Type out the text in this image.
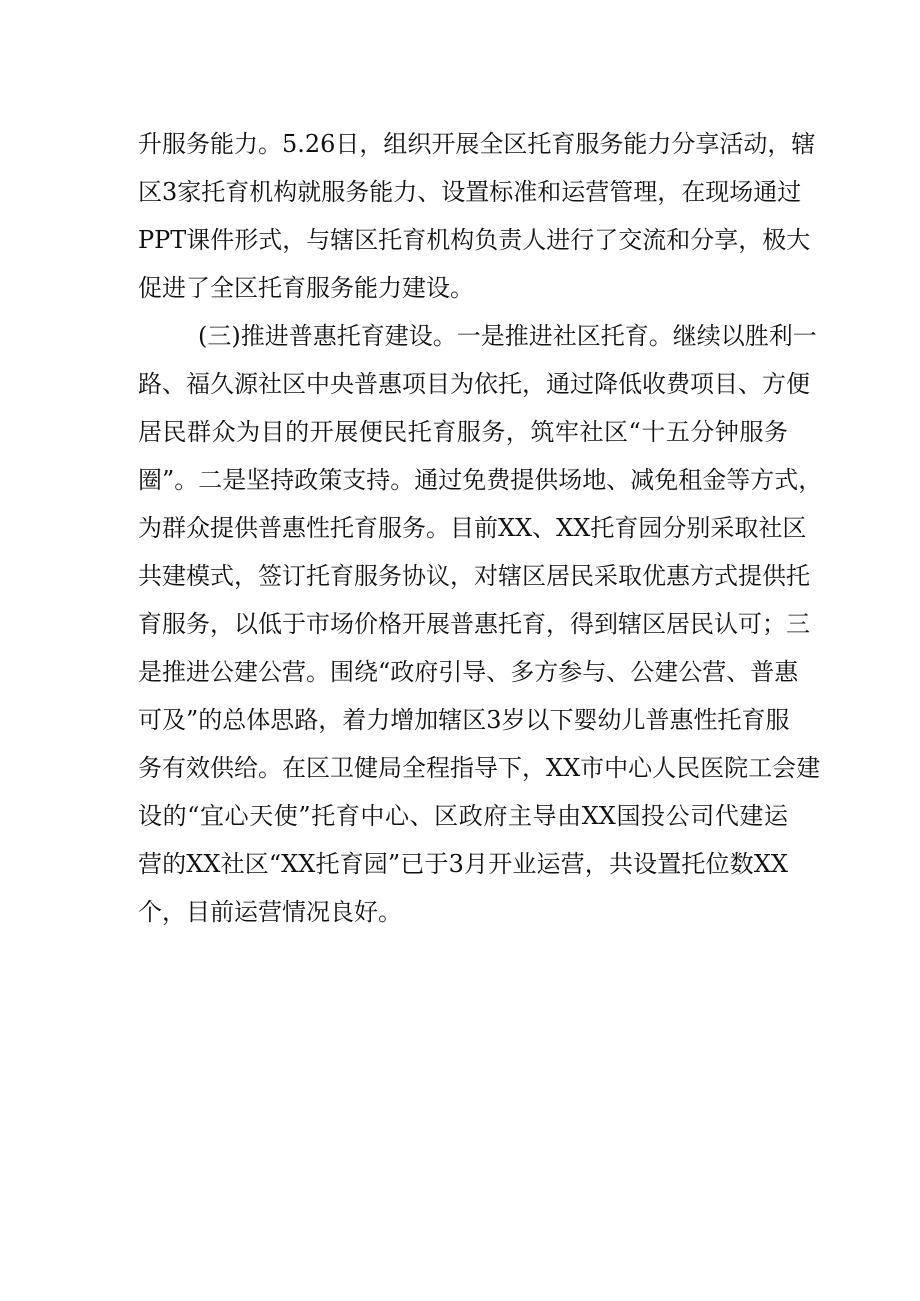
升服务能力。5.26日，组织开展全区托育服务能力分享活动，辖
区3家托育机构就服务能力、设置标准和运营管理，在现场通过
PPT课件形式，与辖区托育机构负责人进行了交流和分享，极大
促进了全区托育服务能力建设。
(三)推进普惠托育建设。一是推进社区托育。继续以胜利一
路、福久源社区中央普惠项目为依托，通过降低收费项目、方便
居民群众为目的开展便民托育服务，筑牢社区“十五分钟服务
圈”。二是坚持政策支持。通过免费提供场地、减免租金等方式，
为群众提供普惠性托育服务。目前XX、XX托育园分别采取社区
共建模式，签订托育服务协议，对辖区居民采取优惠方式提供托
育服务，以低于市场价格开展普惠托育，得到辖区居民认可；三
是推进公建公营。围绕“政府引导、多方参与、公建公营、普惠
可及”的总体思路，着力增加辖区3岁以下婴幼儿普惠性托育服
务有效供给。在区卫健局全程指导下，XX市中心人民医院工会建
设的“宜心天使”托育中心、区政府主导由XX国投公司代建运
营的XX社区“XX托育园”已于3月开业运营，共设置托位数XX
个，目前运营情况良好。
